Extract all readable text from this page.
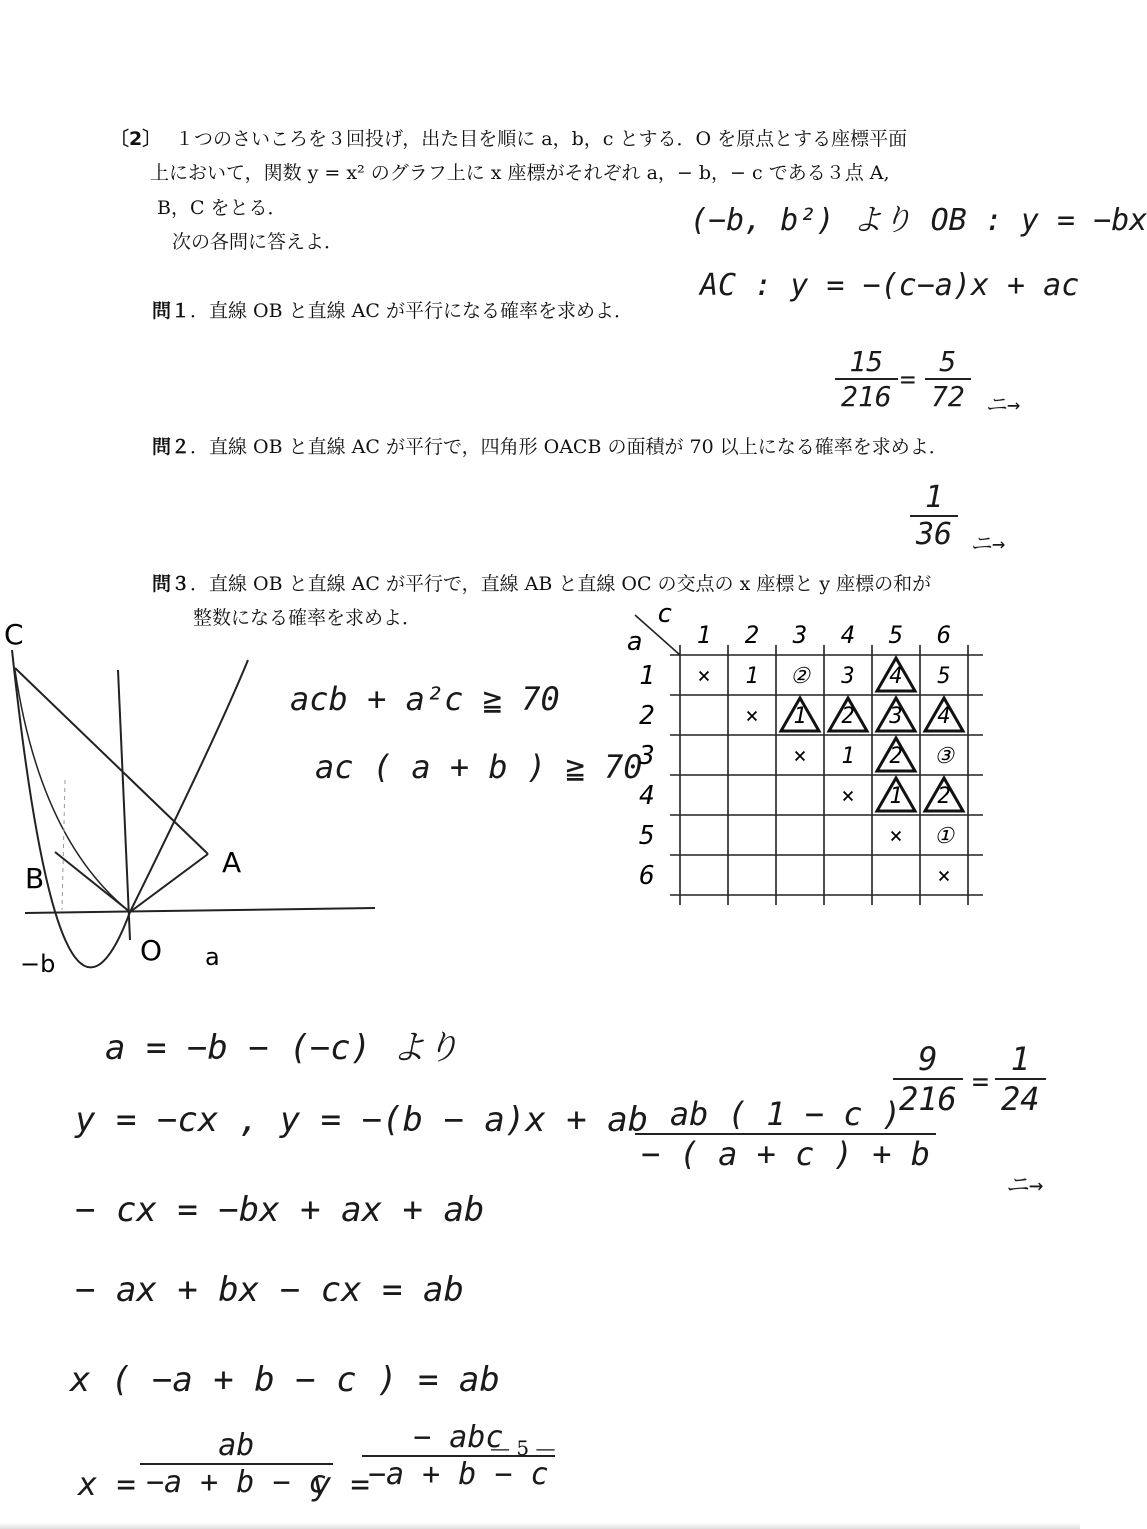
〔2〕 １つのさいころを３回投げ，出た目を順に a，b，c とする．O を原点とする座標平面
上において，関数 y = x² のグラフ上に x 座標がそれぞれ a，− b，− c である３点 A,
B，C をとる．
次の各問に答えよ．
問１．直線 OB と直線 AC が平行になる確率を求めよ．
問２．直線 OB と直線 AC が平行で，四角形 OACB の面積が 70 以上になる確率を求めよ．
問３．直線 OB と直線 AC が平行で，直線 AB と直線 OC の交点の x 座標と y 座標の和が
整数になる確率を求めよ．
(−b, b²) より OB : y = −bx
AC : y = −(c−a)x + ac
$\frac{15}{216} = \frac{5}{72}$ ニ→
$\frac{1}{36}$ ニ→
C
B	A
O
−b	a
acb + a²c ≧ 70
ac ( a + b ) ≧ 70
c
a 1 2 3 4 5 6
1
2
3
4
5
6
× 1 ② 3 4 5
× 1 2 3 4
× 1 2 ③
× 1 2
× ①
×
a = −b − (−c) より
y = −cx , y = −(b − a)x + ab
− cx = −bx + ax + ab
− ax + bx − cx = ab
x ( −a + b − c ) = ab
$x = \frac{ab}{-a + b - c}$
y =
− abc
−a + b − c
$\frac{ab ( 1 - c )}{- ( a + c ) + b}$
$\frac{9}{216} = \frac{1}{24}$
ニ→
— 5 —
